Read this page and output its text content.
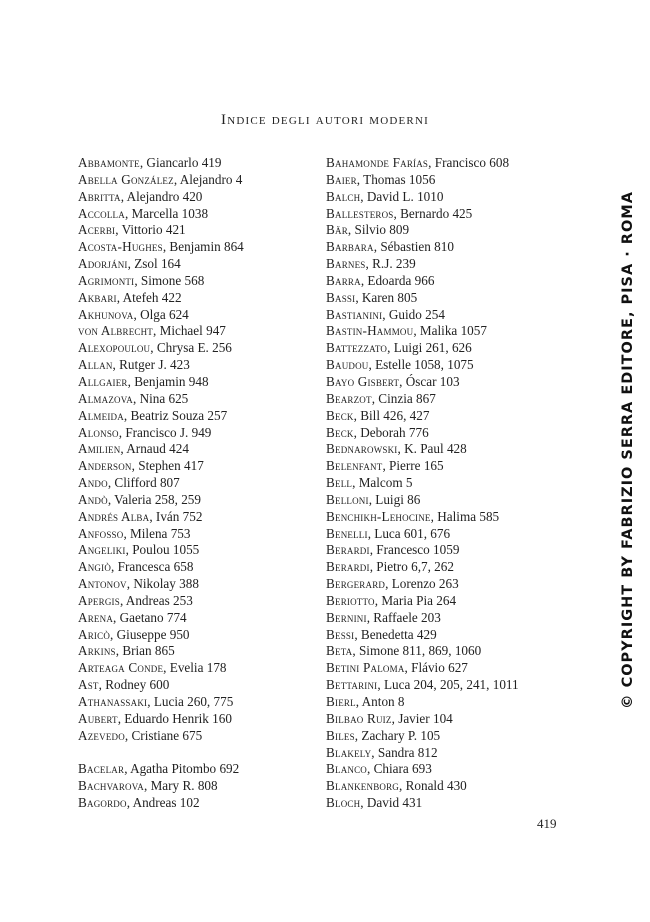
Indice degli autori moderni
Abbamonte, Giancarlo 419
Abella González, Alejandro 4
Abritta, Alejandro 420
Accolla, Marcella 1038
Acerbi, Vittorio 421
Acosta-Hughes, Benjamin 864
Adorjáni, Zsol 164
Agrimonti, Simone 568
Akbari, Atefeh 422
Akhunova, Olga 624
von Albrecht, Michael 947
Alexopoulou, Chrysa E. 256
Allan, Rutger J. 423
Allgaier, Benjamin 948
Almazova, Nina 625
Almeida, Beatriz Souza 257
Alonso, Francisco J. 949
Amilien, Arnaud 424
Anderson, Stephen 417
Ando, Clifford 807
Andò, Valeria 258, 259
Andrés Alba, Iván 752
Anfosso, Milena 753
Angeliki, Poulou 1055
Angiò, Francesca 658
Antonov, Nikolay 388
Apergis, Andreas 253
Arena, Gaetano 774
Aricò, Giuseppe 950
Arkins, Brian 865
Arteaga Conde, Evelia 178
Ast, Rodney 600
Athanassaki, Lucia 260, 775
Aubert, Eduardo Henrik 160
Azevedo, Cristiane 675
Bacelar, Agatha Pitombo 692
Bachvarova, Mary R. 808
Bagordo, Andreas 102
Bahamonde Farías, Francisco 608
Baier, Thomas 1056
Balch, David L. 1010
Ballesteros, Bernardo 425
Bär, Silvio 809
Barbara, Sébastien 810
Barnes, R.J. 239
Barra, Edoarda 966
Bassi, Karen 805
Bastianini, Guido 254
Bastin-Hammou, Malika 1057
Battezzato, Luigi 261, 626
Baudou, Estelle 1058, 1075
Bayo Gisbert, Óscar 103
Bearzot, Cinzia 867
Beck, Bill 426, 427
Beck, Deborah 776
Bednarowski, K. Paul 428
Belenfant, Pierre 165
Bell, Malcom 5
Belloni, Luigi 86
Benchikh-Lehocine, Halima 585
Benelli, Luca 601, 676
Berardi, Francesco 1059
Berardi, Pietro 6,7, 262
Bergerard, Lorenzo 263
Beriotto, Maria Pia 264
Bernini, Raffaele 203
Bessi, Benedetta 429
Beta, Simone 811, 869, 1060
Betini Paloma, Flávio 627
Bettarini, Luca 204, 205, 241, 1011
Bierl, Anton 8
Bilbao Ruiz, Javier 104
Biles, Zachary P. 105
Blakely, Sandra 812
Blanco, Chiara 693
Blankenborg, Ronald 430
Bloch, David 431
419
© COPYRIGHT BY FABRIZIO SERRA EDITORE, PISA · ROMA
